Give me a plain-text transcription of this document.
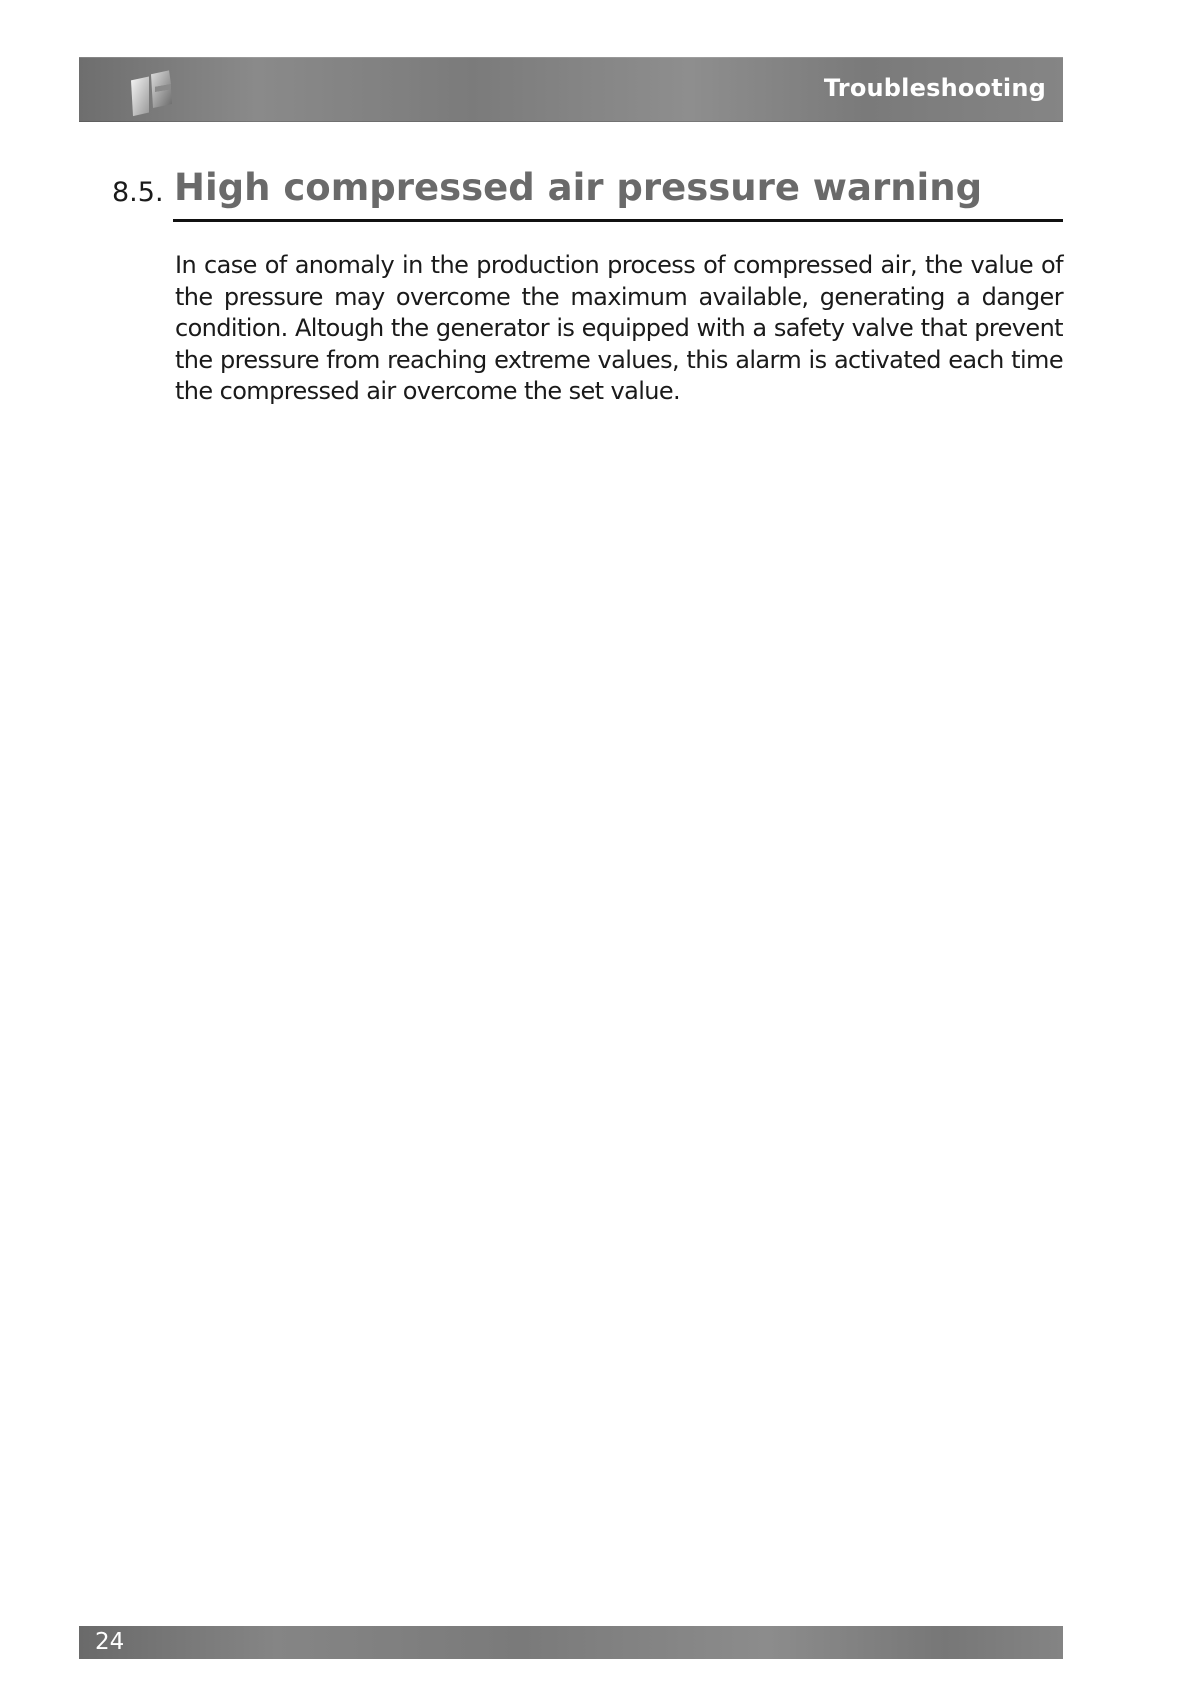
Troubleshooting
8.5. High compressed air pressure warning

In case of anomaly in the production process of compressed air, the value of the pressure may overcome the maximum available, generating a danger condition. Altough the generator is equipped with a safety valve that prevent the pressure from reaching extreme values, this alarm is activated each time the compressed air overcome the set value.

24
